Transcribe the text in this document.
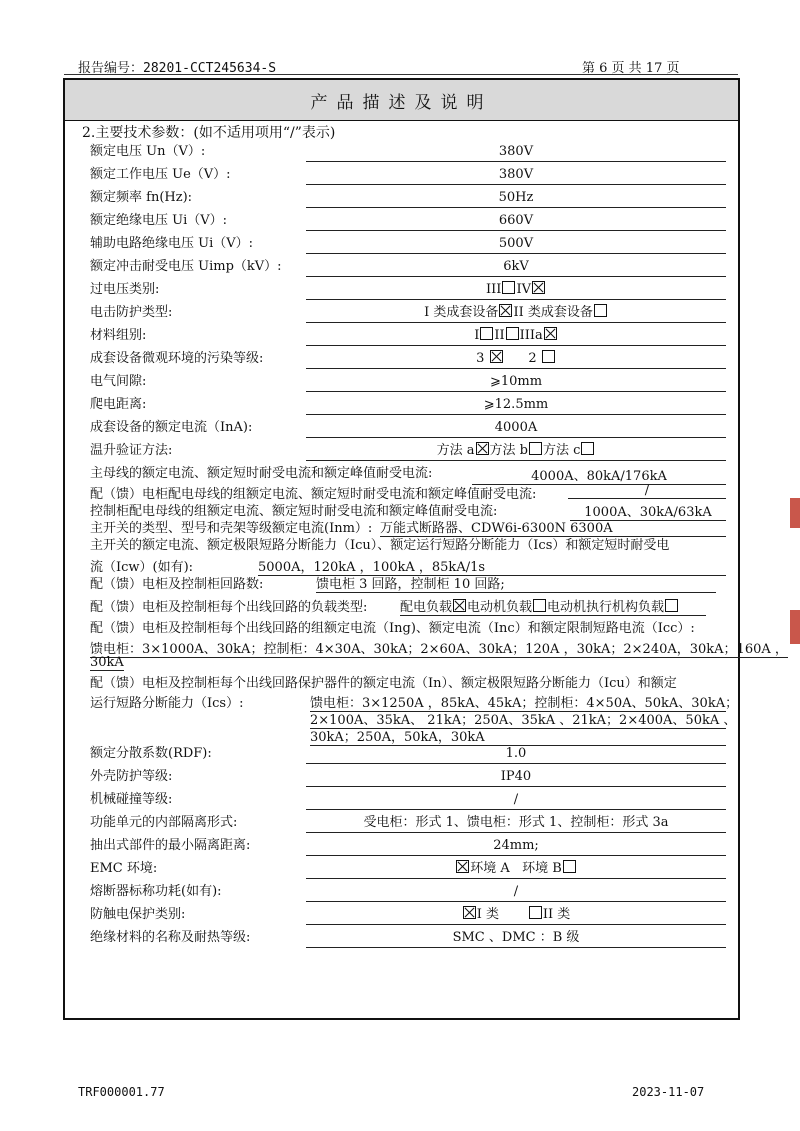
报告编号：28201-CCT245634-S	第 6 页 共 17 页
产品描述及说明
2.主要技术参数：(如不适用项用“/”表示)
额定电压 Un（V）:	380V
额定工作电压 Ue（V）:	380V
额定频率 fn(Hz):	50Hz
额定绝缘电压 Ui（V）:	660V
辅助电路绝缘电压 Ui（V）:	500V
额定冲击耐受电压 Uimp（kV）:	6kV
过电压类别:	III IV
电击防护类型:	I 类成套设备 II 类成套设备
材料组别:	I II IIIa
成套设备微观环境的污染等级:	3	2
电气间隙:	⩾10mm
爬电距离:	⩾12.5mm
成套设备的额定电流（InA):	4000A
温升验证方法:	方法 a 方法 b 方法 c
主母线的额定电流、额定短时耐受电流和额定峰值耐受电流:	4000A、80kA/176kA
配（馈）电柜配电母线的组额定电流、额定短时耐受电流和额定峰值耐受电流:	/
控制柜配电母线的组额定电流、额定短时耐受电流和额定峰值耐受电流:	1000A、30kA/63kA
主开关的类型、型号和壳架等级额定电流(Inm）: 万能式断路器、CDW6i-6300N 6300A
主开关的额定电流、额定极限短路分断能力（Icu）、额定运行短路分断能力（Ics）和额定短时耐受电
流（Icw）(如有):	5000A，120kA ，100kA ，85kA/1s
配（馈）电柜及控制柜回路数:	馈电柜 3 回路，控制柜 10 回路;
配（馈）电柜及控制柜每个出线回路的负载类型:	配电负载 电动机负载 电动机执行机构负载
配（馈）电柜及控制柜每个出线回路的组额定电流（Ing)、额定电流（Inc）和额定限制短路电流（Icc）:
馈电柜：3×1000A、30kA；控制柜：4×30A、30kA；2×60A、30kA；120A ，30kA；2×240A，30kA；160A ，
30kA
配（馈）电柜及控制柜每个出线回路保护器件的额定电流（In）、额定极限短路分断能力（Icu）和额定
运行短路分断能力（Ics）:	馈电柜：3×1250A ，85kA、45kA；控制柜：4×50A、50kA、30kA；
2×100A、35kA、 21kA；250A、35kA 、21kA；2×400A、50kA 、
30kA；250A，50kA，30kA
额定分散系数(RDF):	1.0
外壳防护等级:	IP40
机械碰撞等级:	/
功能单元的内部隔离形式:	受电柜：形式 1、馈电柜：形式 1、控制柜：形式 3a
抽出式部件的最小隔离距离:	24mm;
EMC 环境:	环境 A 环境 B
熔断器标称功耗(如有):	/
防触电保护类别:	I 类	II 类
绝缘材料的名称及耐热等级:	SMC 、DMC ：B 级
TRF000001.77	2023-11-07
